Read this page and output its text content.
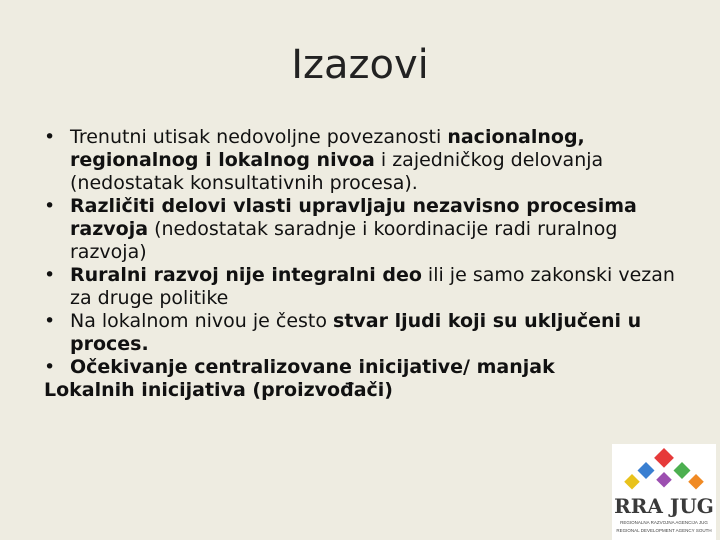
Izazovi
• Trenutni utisak nedovoljne povezanosti nacionalnog, regionalnog i lokalnog nivoa i zajedničkog delovanja (nedostatak konsultativnih procesa).
• Različiti delovi vlasti upravljaju nezavisno procesima razvoja (nedostatak saradnje i koordinacije radi ruralnog razvoja)
• Ruralni razvoj nije integralni deo ili je samo zakonski vezan za druge politike
• Na lokalnom nivou je često stvar ljudi koji su uključeni u proces.
• Očekivanje centralizovane inicijative/ manjak
Lokalnih inicijativa (proizvođači)
RRA JUG
REGIONALNA RAZVOJNA AGENCIJA JUG
REGIONAL DEVELOPMENT AGENCY SOUTH
